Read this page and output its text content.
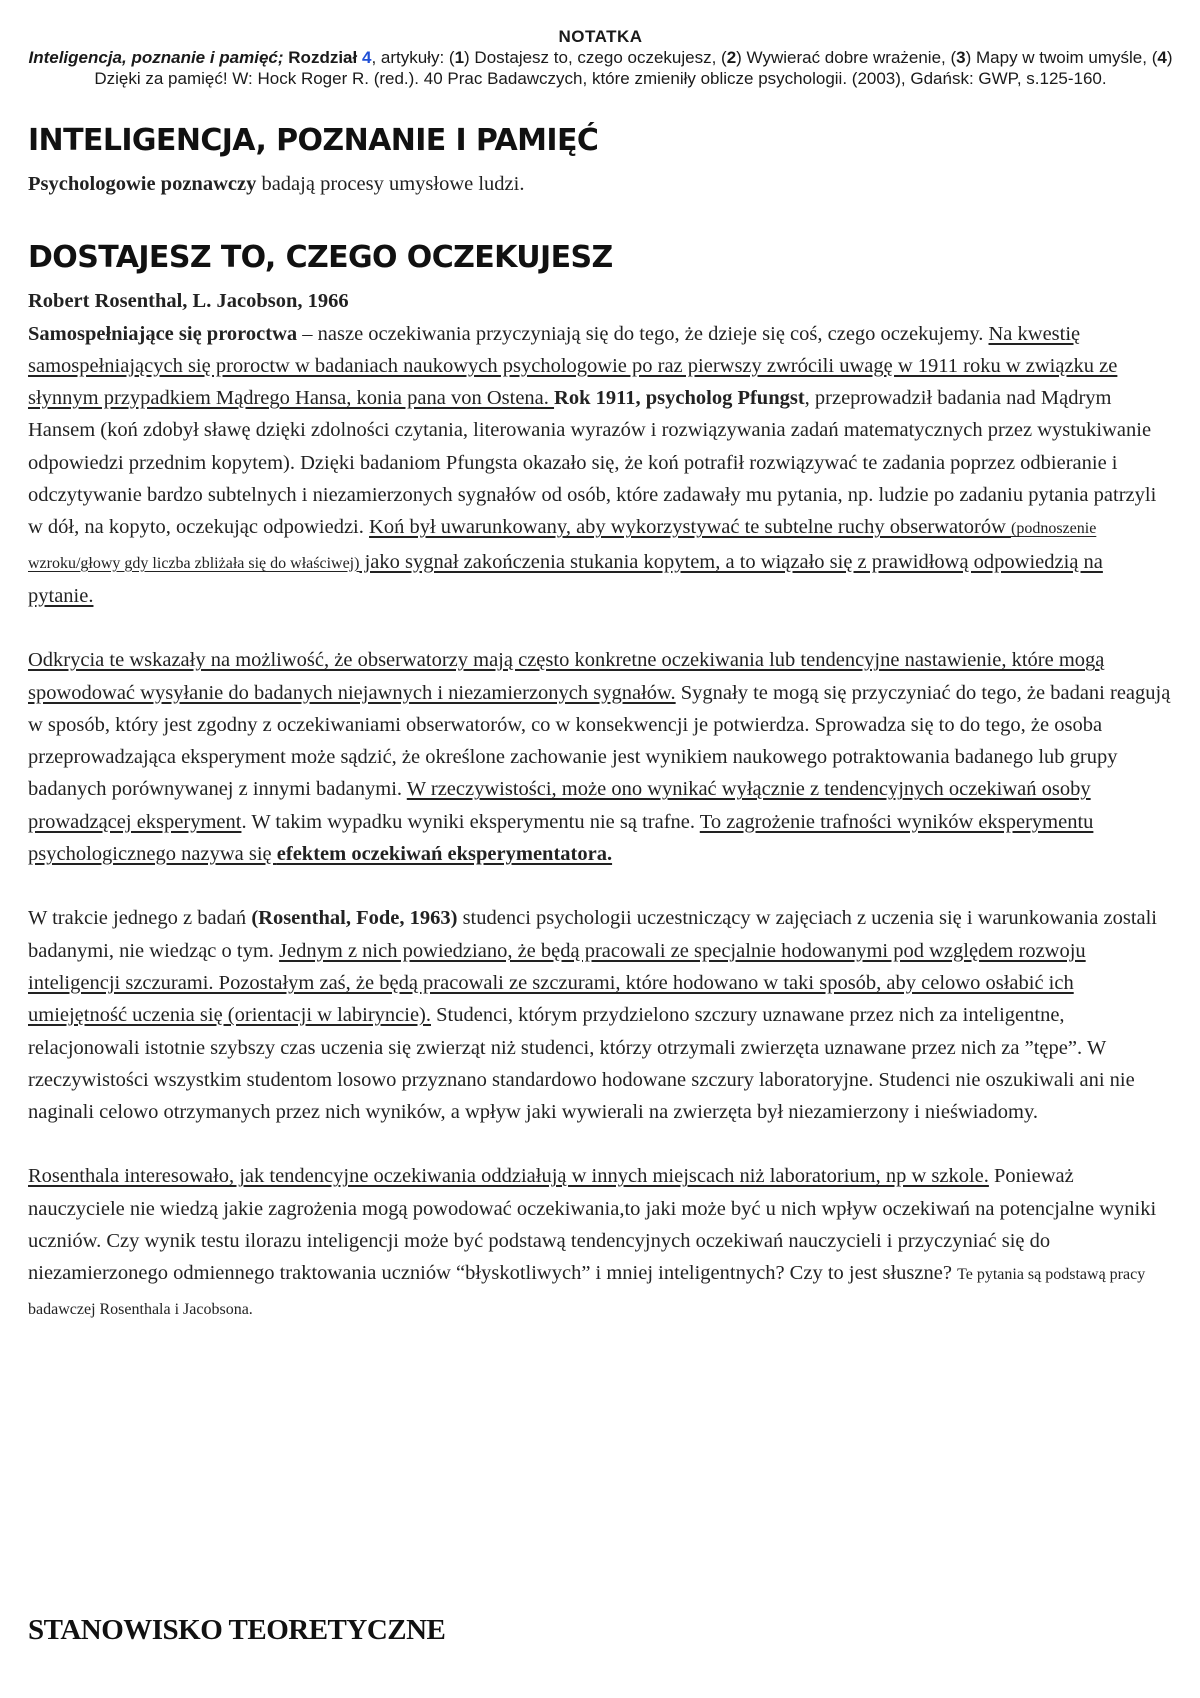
NOTATKA
Inteligencja, poznanie i pamięć; Rozdział 4, artykuły: (1) Dostajesz to, czego oczekujesz, (2) Wywierać dobre wrażenie, (3) Mapy w twoim umyśle, (4) Dzięki za pamięć! W: Hock Roger R. (red.). 40 Prac Badawczych, które zmieniły oblicze psychologii. (2003), Gdańsk: GWP, s.125-160.
INTELIGENCJA, POZNANIE I PAMIĘĆ

Psychologowie poznawczy badają procesy umysłowe ludzi.

DOSTAJESZ TO, CZEGO OCZEKUJESZ

Robert Rosenthal, L. Jacobson, 1966

Samospełniające się proroctwa – nasze oczekiwania przyczyniają się do tego, że dzieje się coś, czego oczekujemy. Na kwestię samospełniających się proroctw w badaniach naukowych psychologowie po raz pierwszy zwrócili uwagę w 1911 roku w związku ze słynnym przypadkiem Mądrego Hansa, konia pana von Ostena. Rok 1911, psycholog Pfungst, przeprowadził badania nad Mądrym Hansem (koń zdobył sławę dzięki zdolności czytania, literowania wyrazów i rozwiązywania zadań matematycznych przez wystukiwanie odpowiedzi przednim kopytem). Dzięki badaniom Pfungsta okazało się, że koń potrafił rozwiązywać te zadania poprzez odbieranie i odczytywanie bardzo subtelnych i niezamierzonych sygnałów od osób, które zadawały mu pytania, np. ludzie po zadaniu pytania patrzyli w dół, na kopyto, oczekując odpowiedzi. Koń był uwarunkowany, aby wykorzystywać te subtelne ruchy obserwatorów (podnoszenie wzroku/głowy gdy liczba zbliżała się do właściwej) jako sygnał zakończenia stukania kopytem, a to wiązało się z prawidłową odpowiedzią na pytanie.

Odkrycia te wskazały na możliwość, że obserwatorzy mają często konkretne oczekiwania lub tendencyjne nastawienie, które mogą spowodować wysyłanie do badanych niejawnych i niezamierzonych sygnałów. Sygnały te mogą się przyczyniać do tego, że badani reagują w sposób, który jest zgodny z oczekiwaniami obserwatorów, co w konsekwencji je potwierdza. Sprowadza się to do tego, że osoba przeprowadzająca eksperyment może sądzić, że określone zachowanie jest wynikiem naukowego potraktowania badanego lub grupy badanych porównywanej z innymi badanymi. W rzeczywistości, może ono wynikać wyłącznie z tendencyjnych oczekiwań osoby prowadzącej eksperyment. W takim wypadku wyniki eksperymentu nie są trafne. To zagrożenie trafności wyników eksperymentu psychologicznego nazywa się efektem oczekiwań eksperymentatora.

W trakcie jednego z badań (Rosenthal, Fode, 1963) studenci psychologii uczestniczący w zajęciach z uczenia się i warunkowania zostali badanymi, nie wiedząc o tym. Jednym z nich powiedziano, że będą pracowali ze specjalnie hodowanymi pod względem rozwoju inteligencji szczurami. Pozostałym zaś, że będą pracowali ze szczurami, które hodowano w taki sposób, aby celowo osłabić ich umiejętność uczenia się (orientacji w labiryncie). Studenci, którym przydzielono szczury uznawane przez nich za inteligentne, relacjonowali istotnie szybszy czas uczenia się zwierząt niż studenci, którzy otrzymali zwierzęta uznawane przez nich za ”tępe”. W rzeczywistości wszystkim studentom losowo przyznano standardowo hodowane szczury laboratoryjne. Studenci nie oszukiwali ani nie naginali celowo otrzymanych przez nich wyników, a wpływ jaki wywierali na zwierzęta był niezamierzony i nieświadomy.

Rosenthala interesowało, jak tendencyjne oczekiwania oddziałują w innych miejscach niż laboratorium, np w szkole. Ponieważ nauczyciele nie wiedzą jakie zagrożenia mogą powodować oczekiwania,to jaki może być u nich wpływ oczekiwań na potencjalne wyniki uczniów. Czy wynik testu ilorazu inteligencji może być podstawą tendencyjnych oczekiwań nauczycieli i przyczyniać się do niezamierzonego odmiennego traktowania uczniów “błyskotliwych” i mniej inteligentnych? Czy to jest słuszne? Te pytania są podstawą pracy badawczej Rosenthala i Jacobsona.

STANOWISKO TEORETYCZNE
